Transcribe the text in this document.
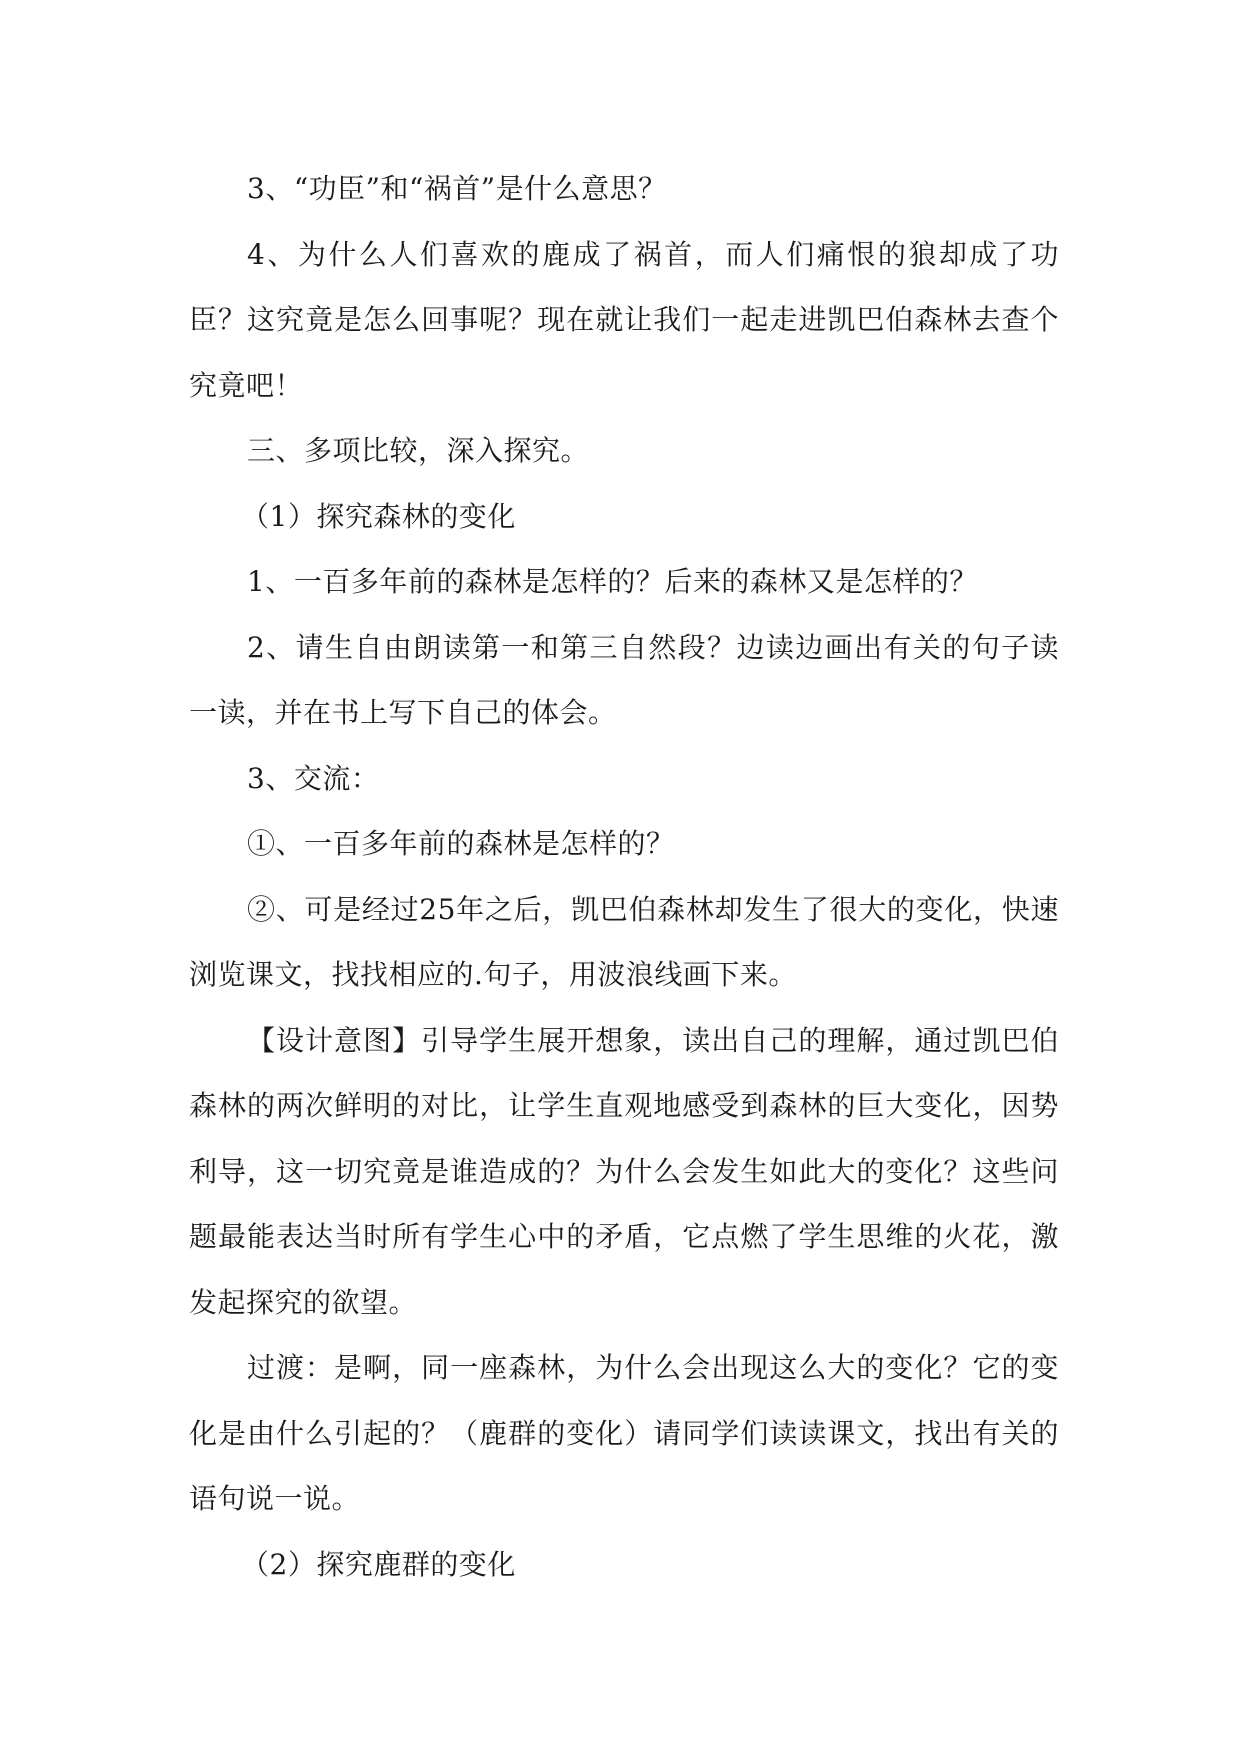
3、“功臣”和“祸首”是什么意思？

4、为什么人们喜欢的鹿成了祸首，而人们痛恨的狼却成了功臣？这究竟是怎么回事呢？现在就让我们一起走进凯巴伯森林去查个究竟吧！

三、多项比较，深入探究。

（1）探究森林的变化

1、一百多年前的森林是怎样的？后来的森林又是怎样的？

2、请生自由朗读第一和第三自然段？边读边画出有关的句子读一读，并在书上写下自己的体会。

3、交流：

①、一百多年前的森林是怎样的？

②、可是经过25年之后，凯巴伯森林却发生了很大的变化，快速浏览课文，找找相应的.句子，用波浪线画下来。

【设计意图】引导学生展开想象，读出自己的理解，通过凯巴伯森林的两次鲜明的对比，让学生直观地感受到森林的巨大变化，因势利导，这一切究竟是谁造成的？为什么会发生如此大的变化？这些问题最能表达当时所有学生心中的矛盾，它点燃了学生思维的火花，激发起探究的欲望。

过渡：是啊，同一座森林，为什么会出现这么大的变化？它的变化是由什么引起的？（鹿群的变化）请同学们读读课文，找出有关的语句说一说。

（2）探究鹿群的变化
